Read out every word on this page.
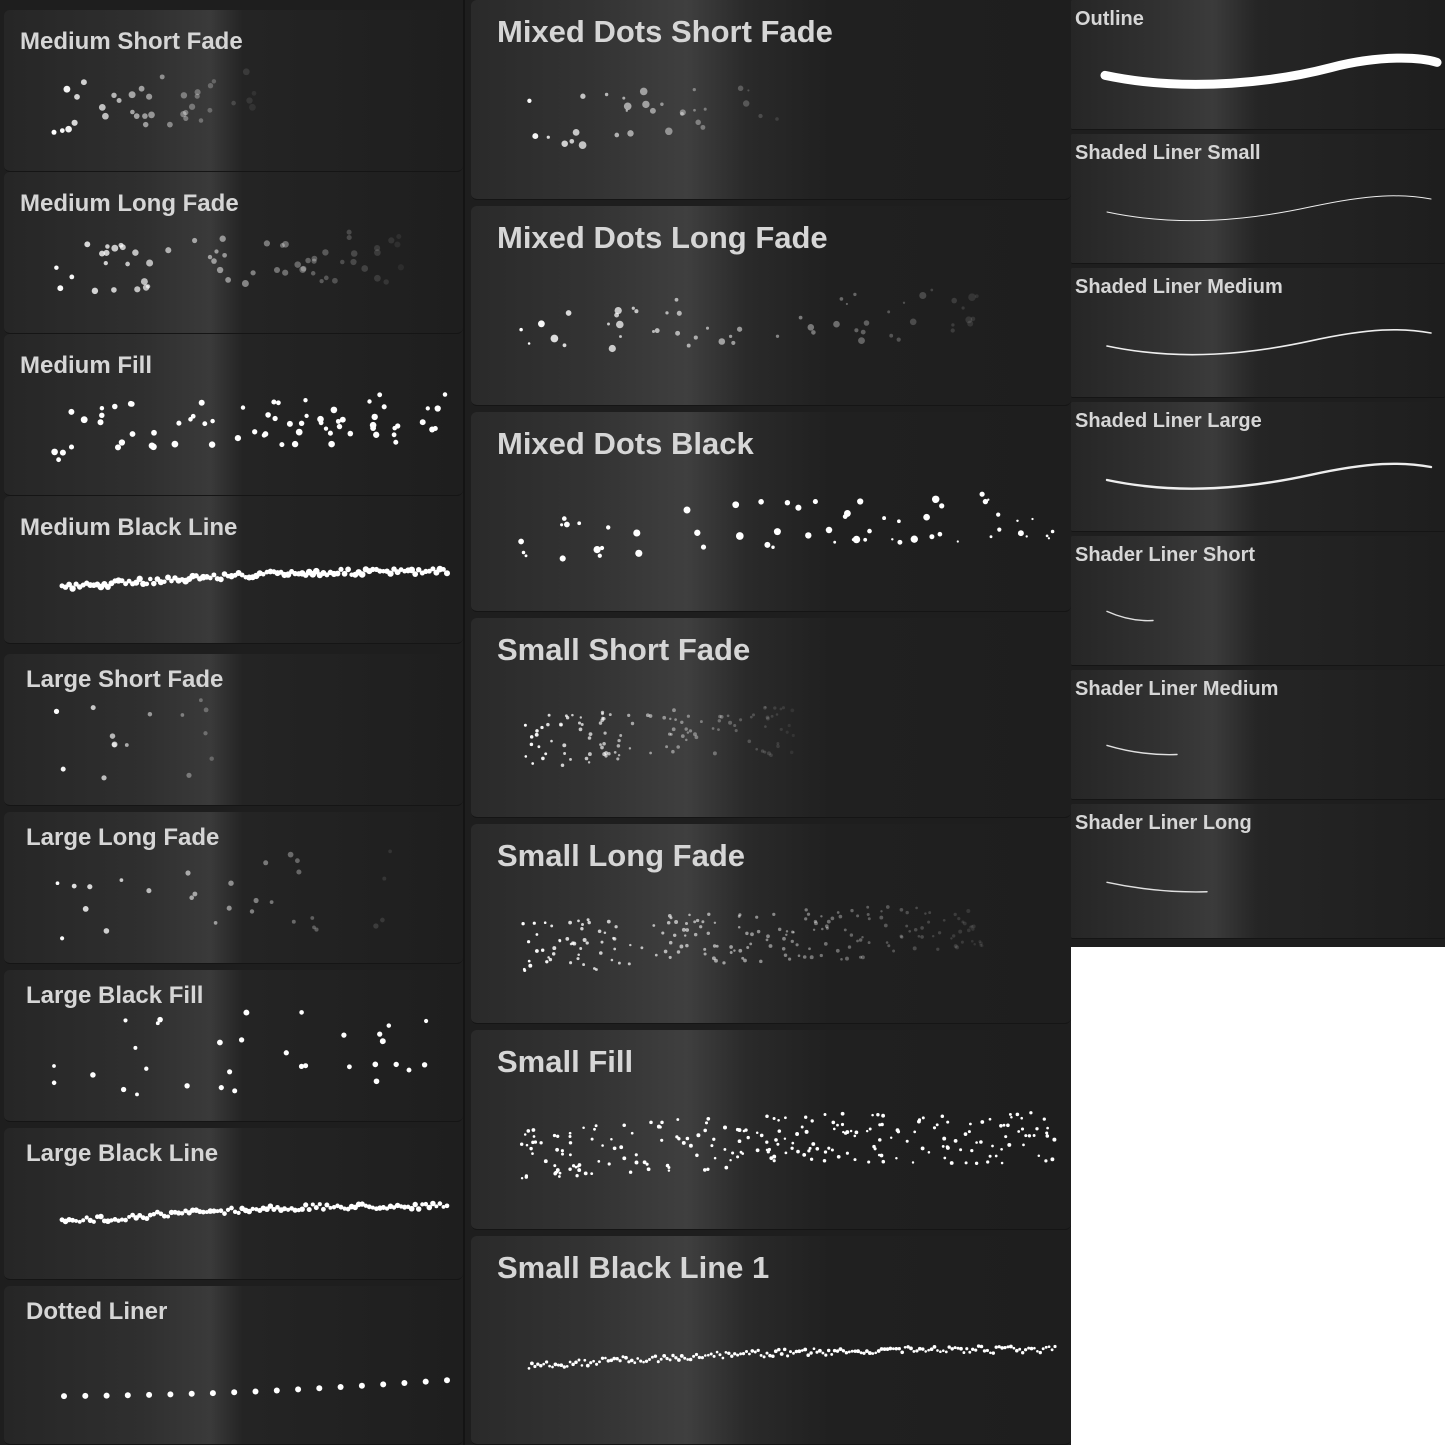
Medium Short Fade
Medium Long Fade
Medium Fill
Medium Black Line
Large Short Fade
Large Long Fade
Large Black Fill
Large Black Line
Dotted Liner
Mixed Dots Short Fade
Mixed Dots Long Fade
Mixed Dots Black
Small Short Fade
Small Long Fade
Small Fill
Small Black Line 1
Outline
Shaded Liner Small
Shaded Liner Medium
Shaded Liner Large
Shader Liner Short
Shader Liner Medium
Shader Liner Long
